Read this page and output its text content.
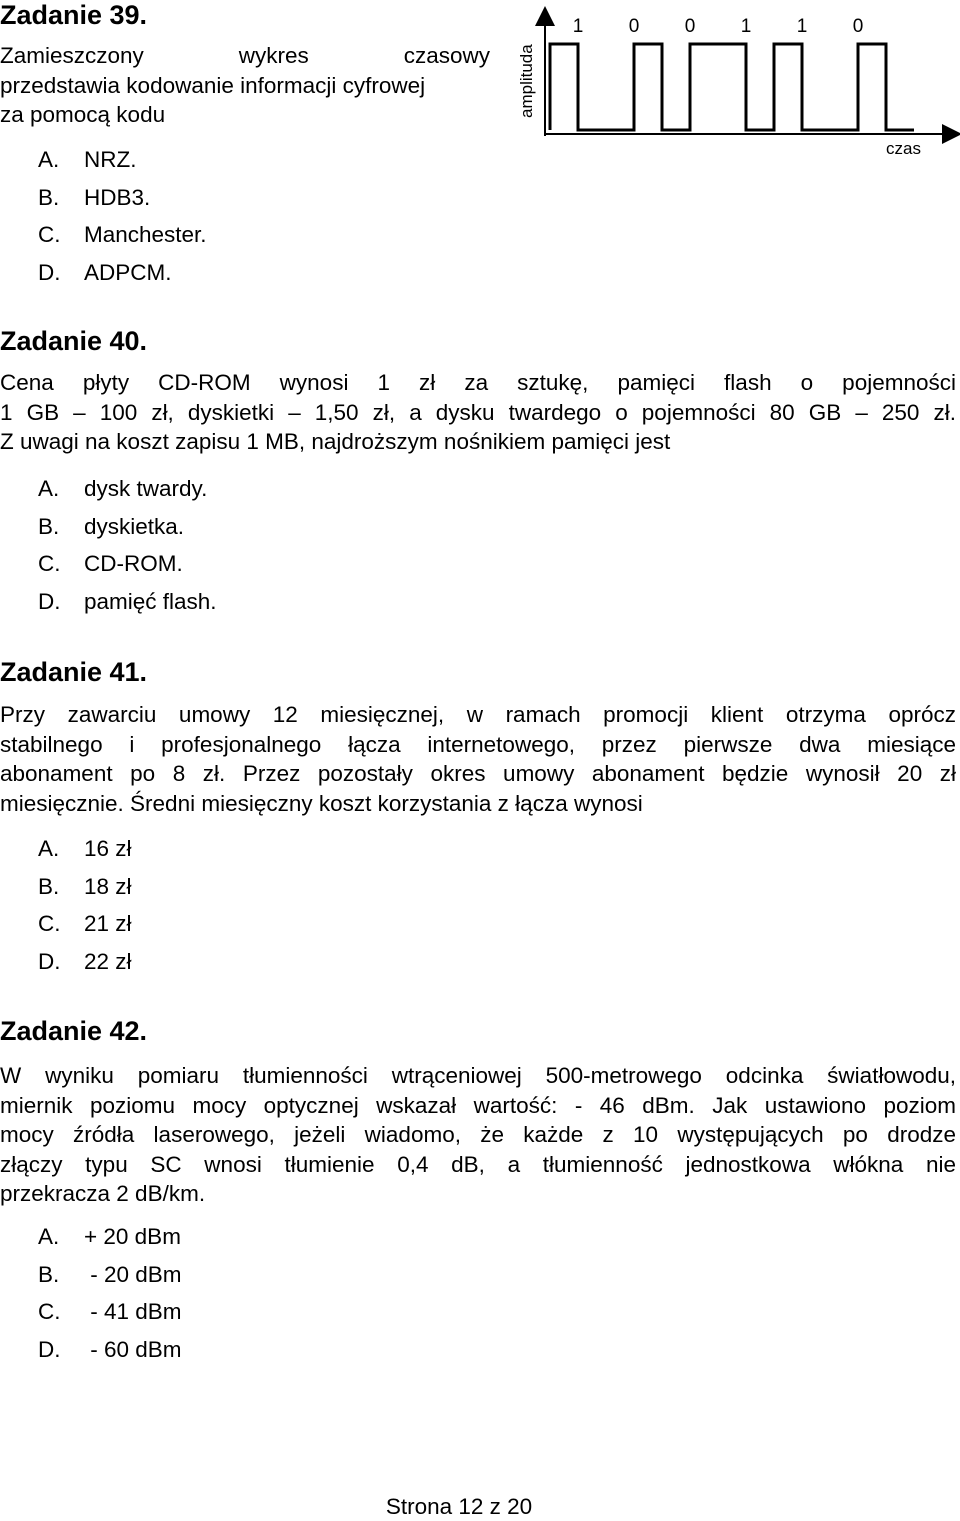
Zadanie 39.
Zamieszczony wykres czasowy
przedstawia kodowanie informacji cyfrowej
za pomocą kodu
A. NRZ.
B. HDB3.
C. Manchester.
D. ADPCM.
1 0 0 1 1 0
amplituda
czas
Zadanie 40.
Cena płyty CD-ROM wynosi 1 zł za sztukę, pamięci flash o pojemności
1 GB – 100 zł, dyskietki – 1,50 zł, a dysku twardego o pojemności 80 GB – 250 zł.
Z uwagi na koszt zapisu 1 MB, najdroższym nośnikiem pamięci jest
A. dysk twardy.
B. dyskietka.
C. CD-ROM.
D. pamięć flash.
Zadanie 41.
Przy zawarciu umowy 12 miesięcznej, w ramach promocji klient otrzyma oprócz
stabilnego i profesjonalnego łącza internetowego, przez pierwsze dwa miesiące
abonament po 8 zł. Przez pozostały okres umowy abonament będzie wynosił 20 zł
miesięcznie. Średni miesięczny koszt korzystania z łącza wynosi
A. 16 zł
B. 18 zł
C. 21 zł
D. 22 zł
Zadanie 42.
W wyniku pomiaru tłumienności wtrąceniowej 500-metrowego odcinka światłowodu,
miernik poziomu mocy optycznej wskazał wartość: - 46 dBm. Jak ustawiono poziom
mocy źródła laserowego, jeżeli wiadomo, że każde z 10 występujących po drodze
złączy typu SC wnosi tłumienie 0,4 dB, a tłumienność jednostkowa włókna nie
przekracza 2 dB/km.
A. + 20 dBm
B. - 20 dBm
C. - 41 dBm
D. - 60 dBm
Strona 12 z 20
